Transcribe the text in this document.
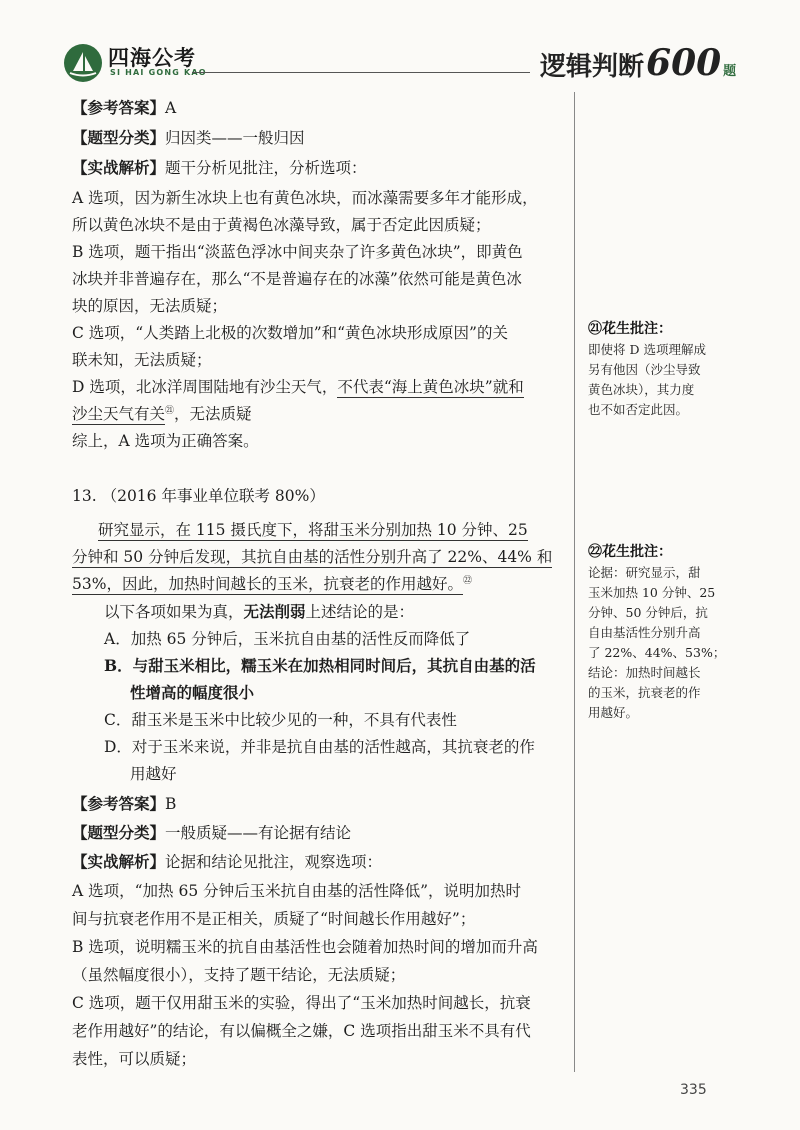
四海公考
SI HAI GONG KAO	逻辑判断600 题
【参考答案】A
【题型分类】归因类——一般归因
【实战解析】题干分析见批注，分析选项：
A 选项，因为新生冰块上也有黄色冰块，而冰藻需要多年才能形成，
所以黄色冰块不是由于黄褐色冰藻导致，属于否定此因质疑；
B 选项，题干指出“淡蓝色浮冰中间夹杂了许多黄色冰块”，即黄色
冰块并非普遍存在，那么“不是普遍存在的冰藻”依然可能是黄色冰
块的原因，无法质疑；
C 选项，“人类踏上北极的次数增加”和“黄色冰块形成原因”的关
联未知，无法质疑；
D 选项，北冰洋周围陆地有沙尘天气，不代表“海上黄色冰块”就和
沙尘天气有关$^㉑$，无法质疑
综上，A 选项为正确答案。
㉑花生批注：
即使将 D 选项理解成
另有他因（沙尘导致
黄色冰块），其力度
也不如否定此因。
13. （2016 年事业单位联考 80%）
研究显示，在 115 摄氏度下，将甜玉米分别加热 10 分钟、25
分钟和 50 分钟后发现，其抗自由基的活性分别升高了 22%、44% 和
53%，因此，加热时间越长的玉米，抗衰老的作用越好。$^㉒$
以下各项如果为真，无法削弱上述结论的是：
A．加热 65 分钟后，玉米抗自由基的活性反而降低了
B．与甜玉米相比，糯玉米在加热相同时间后，其抗自由基的活
性增高的幅度很小
C．甜玉米是玉米中比较少见的一种，不具有代表性
D．对于玉米来说，并非是抗自由基的活性越高，其抗衰老的作
用越好
【参考答案】B
【题型分类】一般质疑——有论据有结论
【实战解析】论据和结论见批注，观察选项：
A 选项，“加热 65 分钟后玉米抗自由基的活性降低”，说明加热时
间与抗衰老作用不是正相关，质疑了“时间越长作用越好”；
B 选项，说明糯玉米的抗自由基活性也会随着加热时间的增加而升高
（虽然幅度很小），支持了题干结论，无法质疑；
C 选项，题干仅用甜玉米的实验，得出了“玉米加热时间越长，抗衰
老作用越好”的结论，有以偏概全之嫌，C 选项指出甜玉米不具有代
表性，可以质疑；
㉒花生批注：
论据：研究显示，甜
玉米加热 10 分钟、25
分钟、50 分钟后，抗
自由基活性分别升高
了 22%、44%、53%；
结论：加热时间越长
的玉米，抗衰老的作
用越好。
335
